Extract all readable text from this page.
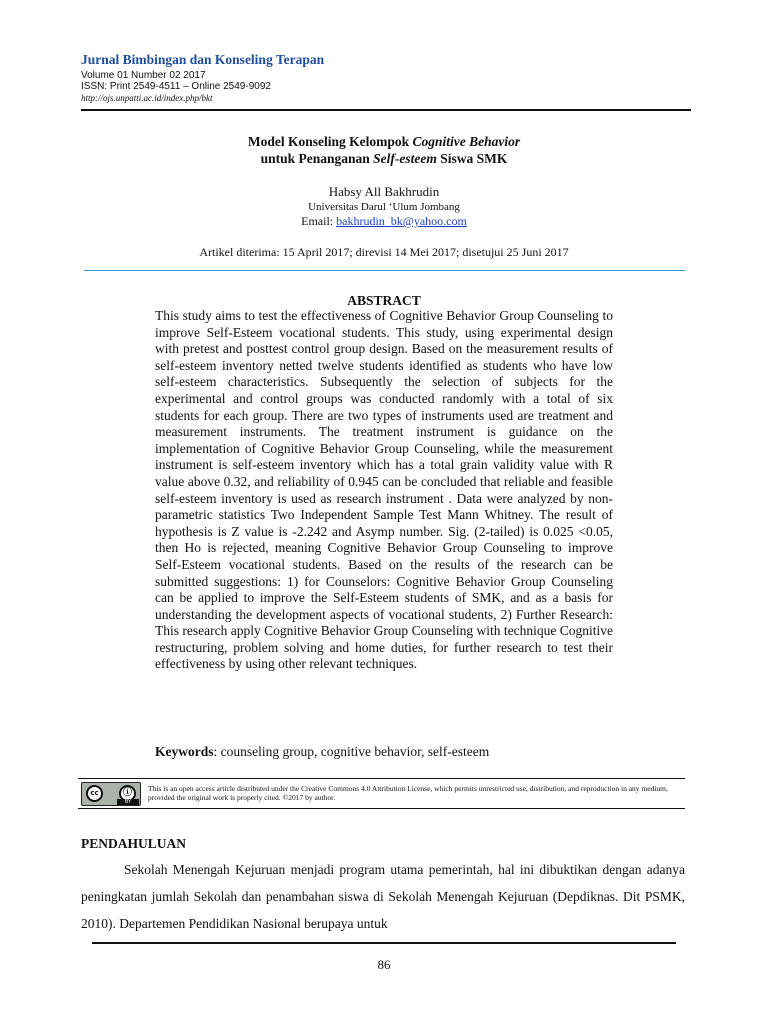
Jurnal Bimbingan dan Konseling Terapan
Volume 01 Number 02 2017
ISSN: Print 2549-4511 – Online 2549-9092
http://ojs.unpatti.ac.id/index.php/bkt
Model Konseling Kelompok Cognitive Behavior
untuk Penanganan Self-esteem Siswa SMK
Habsy All Bakhrudin
Universitas Darul ‘Ulum Jombang
Email: bakhrudin_bk@yahoo.com
Artikel diterima: 15 April 2017; direvisi 14 Mei 2017; disetujui 25 Juni 2017
ABSTRACT
This study aims to test the effectiveness of Cognitive Behavior Group Counseling to improve Self-Esteem vocational students. This study, using experimental design with pretest and posttest control group design. Based on the measurement results of self-esteem inventory netted twelve students identified as students who have low self-esteem characteristics. Subsequently the selection of subjects for the experimental and control groups was conducted randomly with a total of six students for each group. There are two types of instruments used are treatment and measurement instruments. The treatment instrument is guidance on the implementation of Cognitive Behavior Group Counseling, while the measurement instrument is self-esteem inventory which has a total grain validity value with R value above 0.32, and reliability of 0.945 can be concluded that reliable and feasible self-esteem inventory is used as research instrument . Data were analyzed by non-parametric statistics Two Independent Sample Test Mann Whitney. The result of hypothesis is Z value is -2.242 and Asymp number. Sig. (2-tailed) is 0.025 <0.05, then Ho is rejected, meaning Cognitive Behavior Group Counseling to improve Self-Esteem vocational students. Based on the results of the research can be submitted suggestions: 1) for Counselors: Cognitive Behavior Group Counseling can be applied to improve the Self-Esteem students of SMK, and as a basis for understanding the development aspects of vocational students, 2) Further Research: This research apply Cognitive Behavior Group Counseling with technique Cognitive restructuring, problem solving and home duties, for further research to test their effectiveness by using other relevant techniques.
Keywords: counseling group, cognitive behavior, self-esteem
cc	ⓘ
BY
This is an open access article distributed under the Creative Commons 4.0 Attribution License, which permits unrestricted use, distribution, and reproduction in any medium, provided the original work is properly cited. ©2017 by author.
PENDAHULUAN

Sekolah Menengah Kejuruan menjadi program utama pemerintah, hal ini dibuktikan dengan adanya peningkatan jumlah Sekolah dan penambahan siswa di Sekolah Menengah Kejuruan (Depdiknas. Dit PSMK, 2010). Departemen Pendidikan Nasional berupaya untuk

86
